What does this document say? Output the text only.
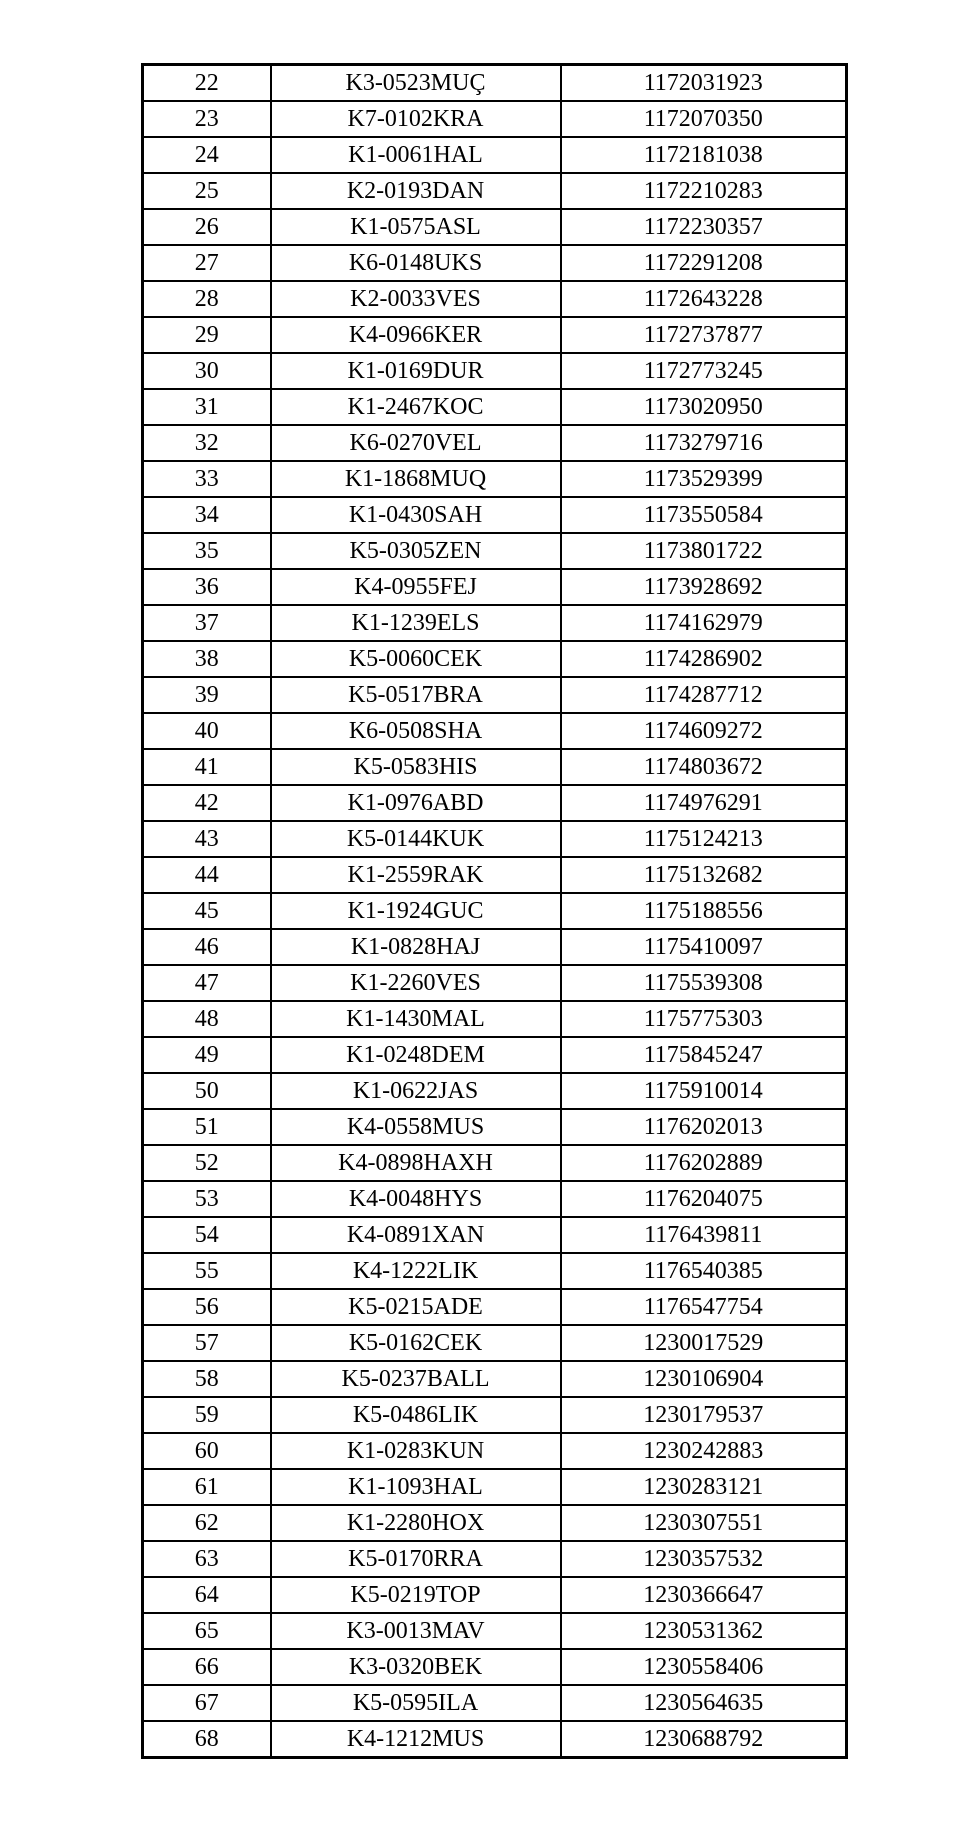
22	K3-0523MUÇ	1172031923
23	K7-0102KRA	1172070350
24	K1-0061HAL	1172181038
25	K2-0193DAN	1172210283
26	K1-0575ASL	1172230357
27	K6-0148UKS	1172291208
28	K2-0033VES	1172643228
29	K4-0966KER	1172737877
30	K1-0169DUR	1172773245
31	K1-2467KOC	1173020950
32	K6-0270VEL	1173279716
33	K1-1868MUQ	1173529399
34	K1-0430SAH	1173550584
35	K5-0305ZEN	1173801722
36	K4-0955FEJ	1173928692
37	K1-1239ELS	1174162979
38	K5-0060CEK	1174286902
39	K5-0517BRA	1174287712
40	K6-0508SHA	1174609272
41	K5-0583HIS	1174803672
42	K1-0976ABD	1174976291
43	K5-0144KUK	1175124213
44	K1-2559RAK	1175132682
45	K1-1924GUC	1175188556
46	K1-0828HAJ	1175410097
47	K1-2260VES	1175539308
48	K1-1430MAL	1175775303
49	K1-0248DEM	1175845247
50	K1-0622JAS	1175910014
51	K4-0558MUS	1176202013
52	K4-0898HAXH	1176202889
53	K4-0048HYS	1176204075
54	K4-0891XAN	1176439811
55	K4-1222LIK	1176540385
56	K5-0215ADE	1176547754
57	K5-0162CEK	1230017529
58	K5-0237BALL	1230106904
59	K5-0486LIK	1230179537
60	K1-0283KUN	1230242883
61	K1-1093HAL	1230283121
62	K1-2280HOX	1230307551
63	K5-0170RRA	1230357532
64	K5-0219TOP	1230366647
65	K3-0013MAV	1230531362
66	K3-0320BEK	1230558406
67	K5-0595ILA	1230564635
68	K4-1212MUS	1230688792
